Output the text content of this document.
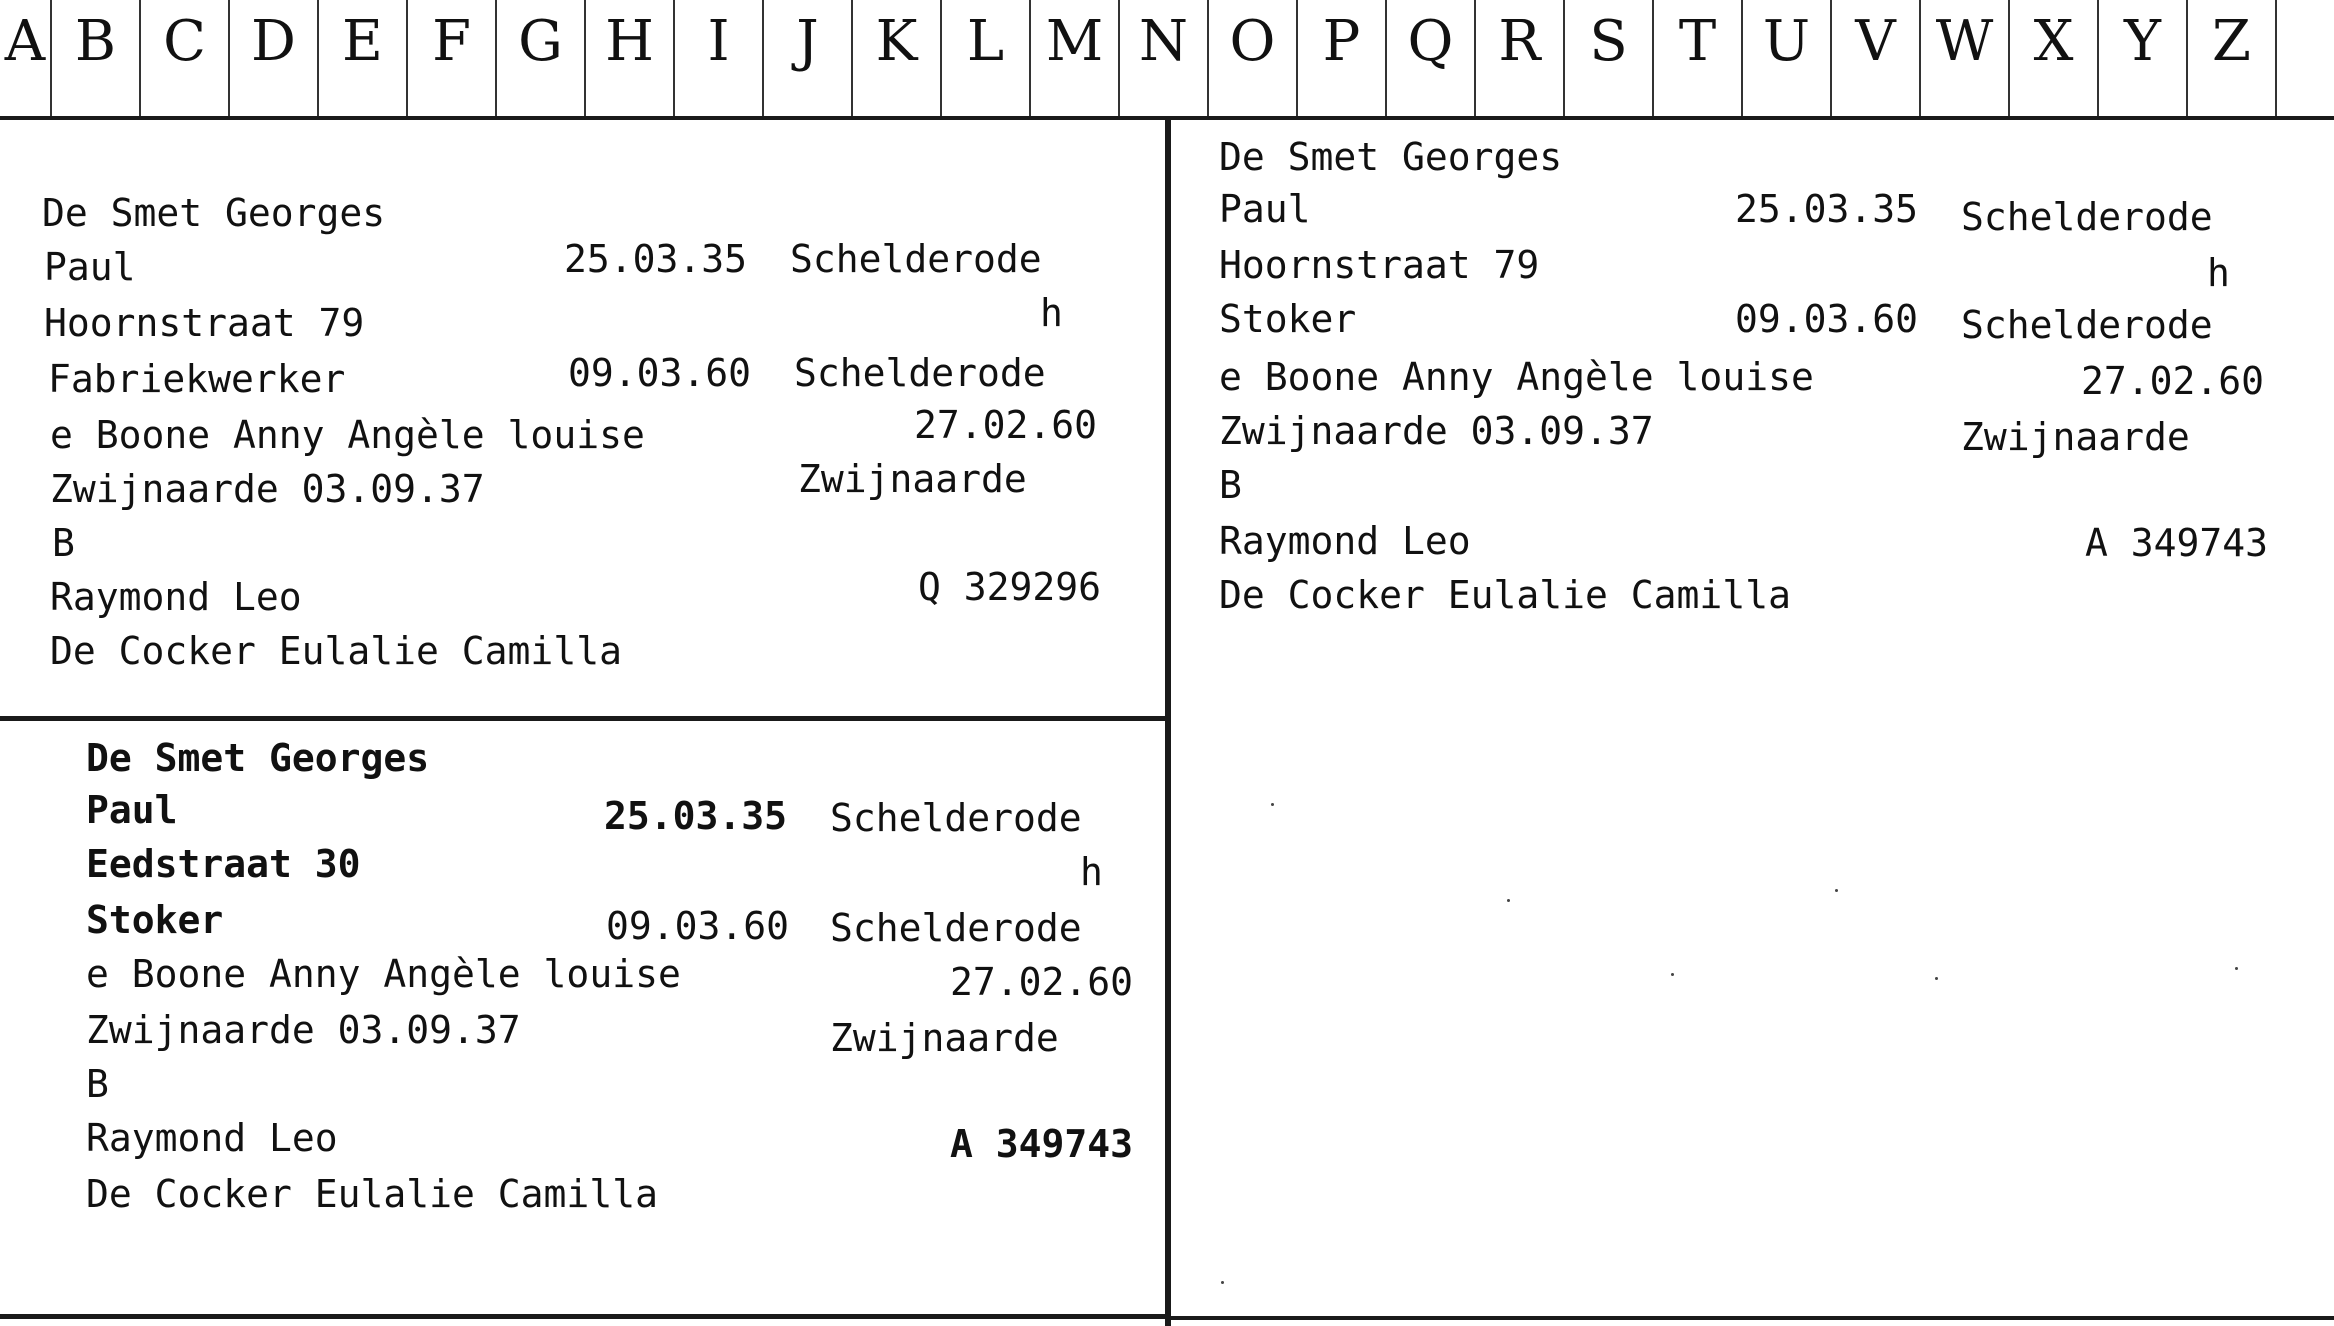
A B C D E F G H I	J	K L M N O P Q R S T U V W X Y Z
De Smet Georges
Paul	25.03.35 Schelderode
Hoornstraat 79	h
Fabriekwerker	09.03.60 Schelderode
e Boone Anny Angèle louise	27.02.60
Zwijnaarde 03.09.37	Zwijnaarde
B
Raymond Leo	Q 329296
De Cocker Eulalie Camilla
De Smet Georges
Paul	25.03.35 Schelderode
Hoornstraat 79	h
Stoker	09.03.60 Schelderode
e Boone Anny Angèle louise	27.02.60
Zwijnaarde 03.09.37	Zwijnaarde
B
Raymond Leo	A 349743
De Cocker Eulalie Camilla
De Smet Georges
Paul	25.03.35 Schelderode
Eedstraat 30	h
Stoker	09.03.60 Schelderode
e Boone Anny Angèle louise	27.02.60
Zwijnaarde 03.09.37	Zwijnaarde
B
Raymond Leo	A 349743
De Cocker Eulalie Camilla
